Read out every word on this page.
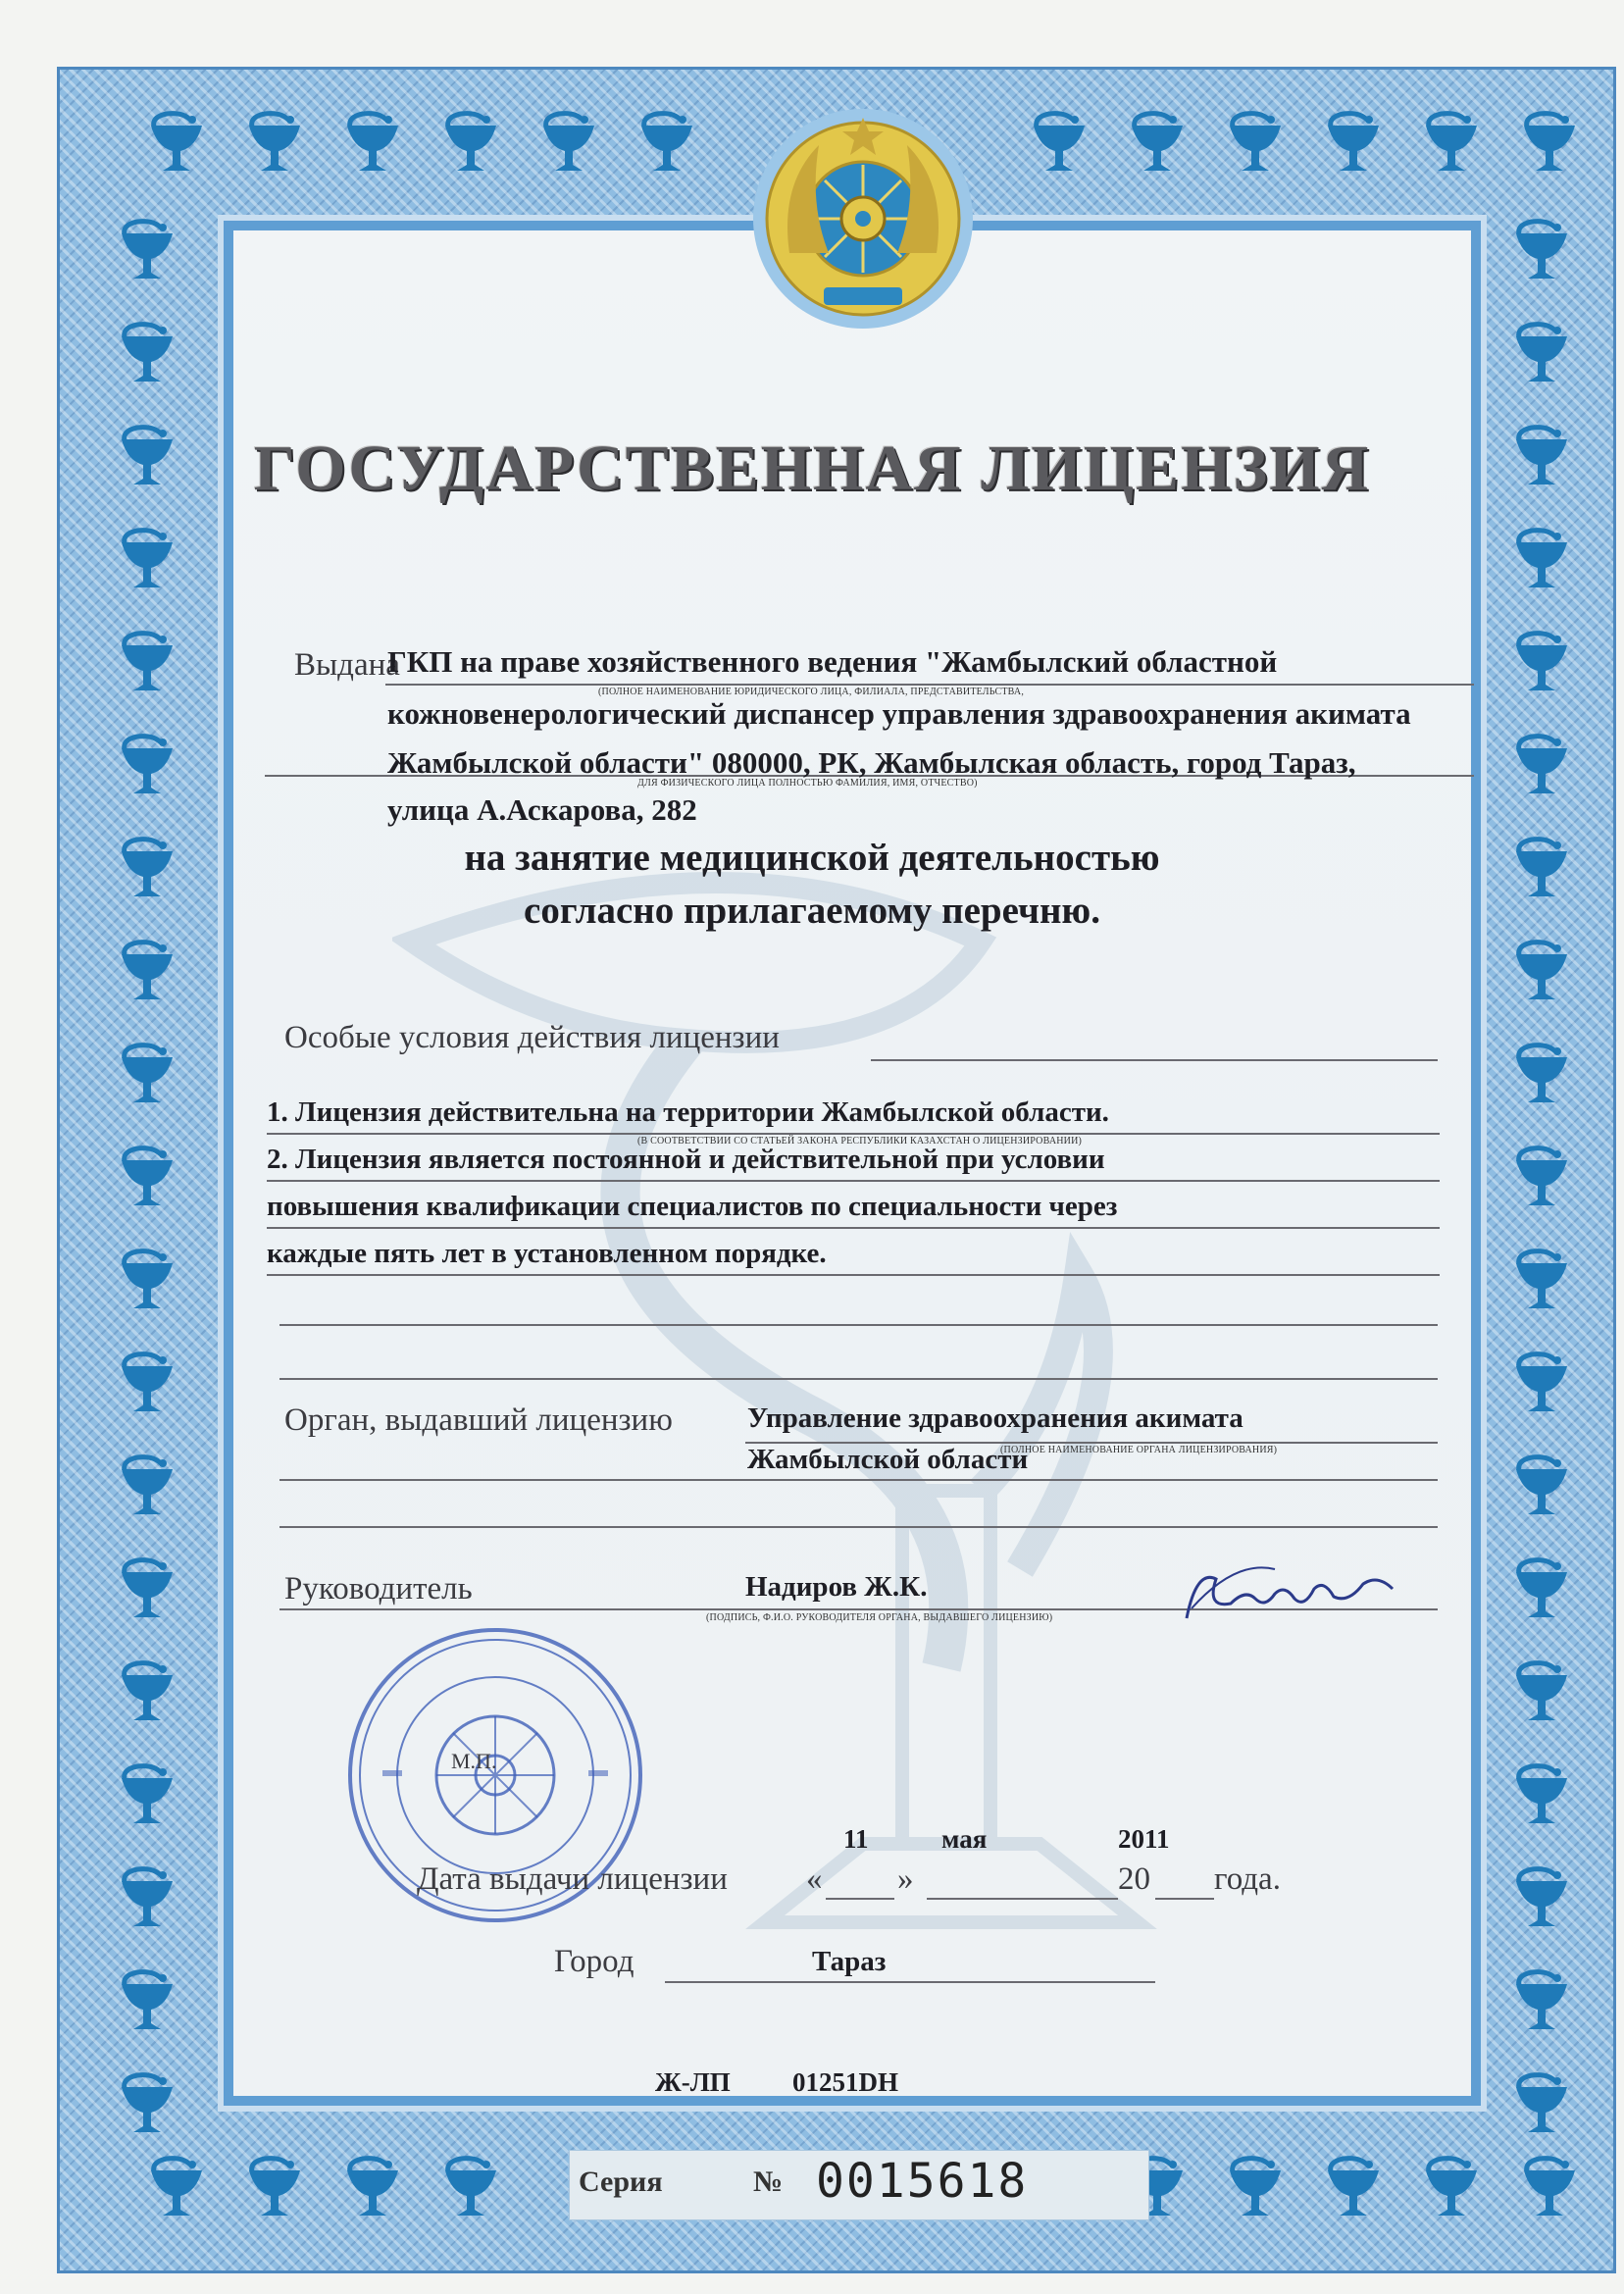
ГОСУДАРСТВЕННАЯ ЛИЦЕНЗИЯ
Выдана
ГКП на праве хозяйственного ведения "Жамбылский областной
(ПОЛНОЕ НАИМЕНОВАНИЕ ЮРИДИЧЕСКОГО ЛИЦА, ФИЛИАЛА, ПРЕДСТАВИТЕЛЬСТВА,
кожновенерологический диспансер управления здравоохранения акимата
Жамбылской области" 080000, РК, Жамбылская область, город Тараз,
ДЛЯ ФИЗИЧЕСКОГО ЛИЦА ПОЛНОСТЬЮ ФАМИЛИЯ, ИМЯ, ОТЧЕСТВО)
улица А.Аскарова, 282
на занятие медицинской деятельностью
согласно прилагаемому перечню.
Особые условия действия лицензии
1. Лицензия действительна на территории Жамбылской области.
(В СООТВЕТСТВИИ СО СТАТЬЕЙ ЗАКОНА РЕСПУБЛИКИ КАЗАХСТАН О ЛИЦЕНЗИРОВАНИИ)
2. Лицензия является постоянной и действительной при условии
повышения квалификации специалистов по специальности через
каждые пять лет в установленном порядке.
Орган, выдавший лицензию	Управление здравоохранения акимата
(ПОЛНОЕ НАИМЕНОВАНИЕ ОРГАНА ЛИЦЕНЗИРОВАНИЯ)
Жамбылской области
Руководитель	Надиров Ж.К.
(ПОДПИСЬ, Ф.И.О. РУКОВОДИТЕЛЯ ОРГАНА, ВЫДАВШЕГО ЛИЦЕНЗИЮ)
М.П.
11	мая	2011
Дата выдачи лицензии « »	20 года.
Город	Тараз
Ж-ЛП 01251DH
Серия	№ 0015618
